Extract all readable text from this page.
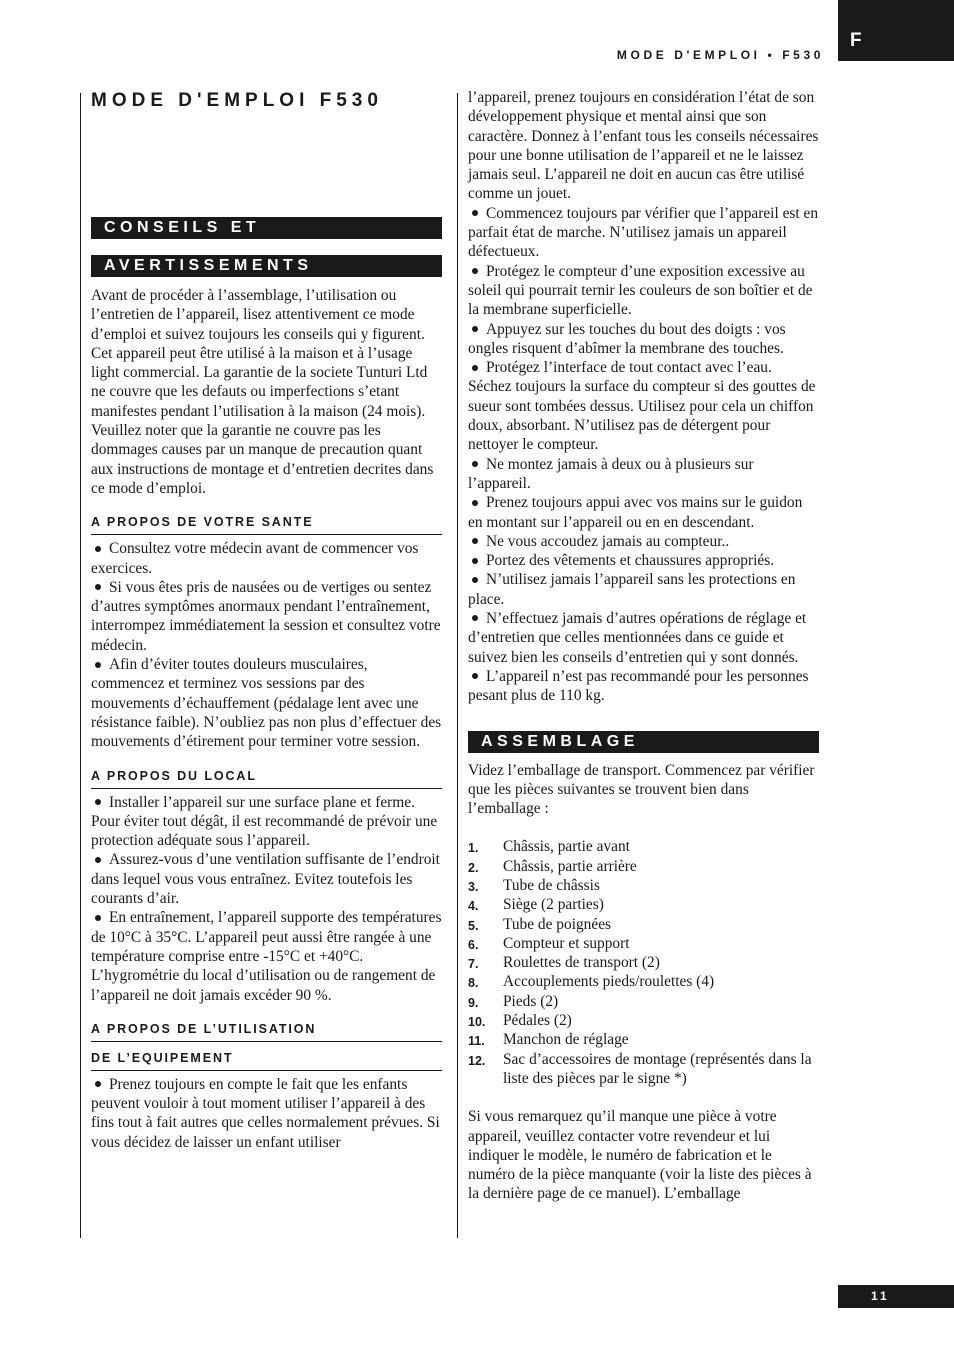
F
MODE D'EMPLOI • F530
MODE D'EMPLOI F530
CONSEILS ET
AVERTISSEMENTS

Avant de procéder à l’assemblage, l’utilisation ou l’entretien de l’appareil, lisez attentivement ce mode d’emploi et suivez toujours les conseils qui y figurent. Cet appareil peut être utilisé à la maison et à l’usage light commercial. La garantie de la societe Tunturi Ltd ne couvre que les defauts ou imperfections s’etant manifestes pendant l’utilisation à la maison (24 mois). Veuillez noter que la garantie ne couvre pas les dommages causes par un manque de precaution quant aux instructions de montage et d’entretien decrites dans ce mode d’emploi.

A PROPOS DE VOTRE SANTE

Consultez votre médecin avant de commencer vos exercices.

Si vous êtes pris de nausées ou de vertiges ou sentez d’autres symptômes anormaux pendant l’entraînement, interrompez immédiatement la session et consultez votre médecin.

Afin d’éviter toutes douleurs musculaires, commencez et terminez vos sessions par des mouvements d’échauffement (pédalage lent avec une résistance faible). N’oubliez pas non plus d’effectuer des mouvements d’étirement pour terminer votre session.

A PROPOS DU LOCAL

Installer l’appareil sur une surface plane et ferme. Pour éviter tout dégât, il est recommandé de prévoir une protection adéquate sous l’appareil.

Assurez-vous d’une ventilation suffisante de l’endroit dans lequel vous vous entraînez. Evitez toutefois les courants d’air.

En entraînement, l’appareil supporte des températures de 10°C à 35°C. L’appareil peut aussi être rangée à une température comprise entre -15°C et +40°C. L’hygrométrie du local d’utilisation ou de rangement de l’appareil ne doit jamais excéder 90 %.

A PROPOS DE L’UTILISATION
DE L’EQUIPEMENT

Prenez toujours en compte le fait que les enfants peuvent vouloir à tout moment utiliser l’appareil à des fins tout à fait autres que celles normalement prévues. Si vous décidez de laisser un enfant utiliser

l’appareil, prenez toujours en considération l’état de son développement physique et mental ainsi que son caractère. Donnez à l’enfant tous les conseils nécessaires pour une bonne utilisation de l’appareil et ne le laissez jamais seul. L’appareil ne doit en aucun cas être utilisé comme un jouet.

Commencez toujours par vérifier que l’appareil est en parfait état de marche. N’utilisez jamais un appareil défectueux.

Protégez le compteur d’une exposition excessive au soleil qui pourrait ternir les couleurs de son boîtier et de la membrane superficielle.

Appuyez sur les touches du bout des doigts : vos ongles risquent d’abîmer la membrane des touches.

Protégez l’interface de tout contact avec l’eau. Séchez toujours la surface du compteur si des gouttes de sueur sont tombées dessus. Utilisez pour cela un chiffon doux, absorbant. N’utilisez pas de détergent pour nettoyer le compteur.

Ne montez jamais à deux ou à plusieurs sur l’appareil.

Prenez toujours appui avec vos mains sur le guidon en montant sur l’appareil ou en en descendant.

Ne vous accoudez jamais au compteur..

Portez des vêtements et chaussures appropriés.

N’utilisez jamais l’appareil sans les protections en place.

N’effectuez jamais d’autres opérations de réglage et d’entretien que celles mentionnées dans ce guide et suivez bien les conseils d’entretien qui y sont donnés.

L’appareil n’est pas recommandé pour les personnes pesant plus de 110 kg.

ASSEMBLAGE

Videz l’emballage de transport. Commencez par vérifier que les pièces suivantes se trouvent bien dans l’emballage :

1. Châssis, partie avant
2. Châssis, partie arrière
3. Tube de châssis
4. Siège (2 parties)
5. Tube de poignées
6. Compteur et support
7. Roulettes de transport (2)
8. Accouplements pieds/roulettes (4)
9. Pieds (2)
10. Pédales (2)
11. Manchon de réglage
12. Sac d’accessoires de montage (représentés dans la liste des pièces par le signe *)

Si vous remarquez qu’il manque une pièce à votre appareil, veuillez contacter votre revendeur et lui indiquer le modèle, le numéro de fabrication et le numéro de la pièce manquante (voir la liste des pièces à la dernière page de ce manuel). L’emballage

11
